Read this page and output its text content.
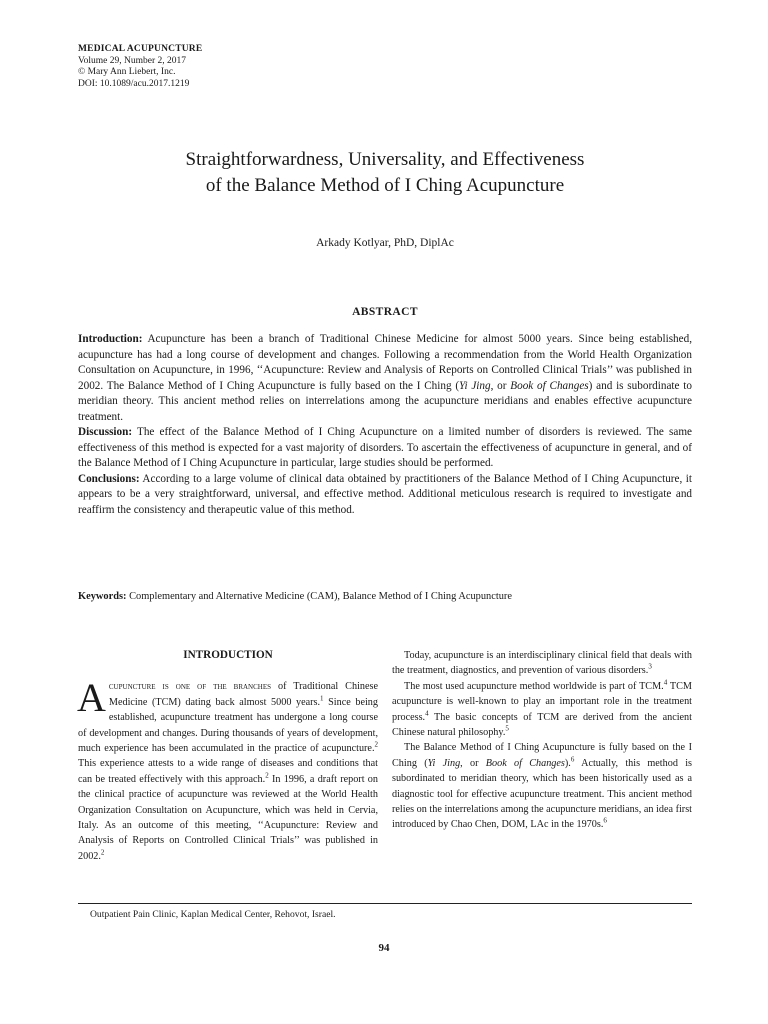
MEDICAL ACUPUNCTURE
Volume 29, Number 2, 2017
© Mary Ann Liebert, Inc.
DOI: 10.1089/acu.2017.1219
Straightforwardness, Universality, and Effectiveness
of the Balance Method of I Ching Acupuncture
Arkady Kotlyar, PhD, DiplAc
ABSTRACT

Introduction: Acupuncture has been a branch of Traditional Chinese Medicine for almost 5000 years. Since being established, acupuncture has had a long course of development and changes. Following a recommendation from the World Health Organization Consultation on Acupuncture, in 1996, ‘‘Acupuncture: Review and Analysis of Reports on Controlled Clinical Trials’’ was published in 2002. The Balance Method of I Ching Acupuncture is fully based on the I Ching (Yi Jing, or Book of Changes) and is subordinate to meridian theory. This ancient method relies on interrelations among the acupuncture meridians and enables effective acupuncture treatment.

Discussion: The effect of the Balance Method of I Ching Acupuncture on a limited number of disorders is reviewed. The same effectiveness of this method is expected for a vast majority of disorders. To ascertain the effectiveness of acupuncture in general, and of the Balance Method of I Ching Acupuncture in particular, large studies should be performed.

Conclusions: According to a large volume of clinical data obtained by practitioners of the Balance Method of I Ching Acupuncture, it appears to be a very straightforward, universal, and effective method. Additional meticulous research is required to investigate and reaffirm the consistency and therapeutic value of this method.

Keywords: Complementary and Alternative Medicine (CAM), Balance Method of I Ching Acupuncture
INTRODUCTION

Acupuncture is one of the branches of Traditional Chinese Medicine (TCM) dating back almost 5000 years.$^1$ Since being established, acupuncture treatment has undergone a long course of development and changes. During thousands of years of development, much experience has been accumulated in the practice of acupuncture.$^2$ This experience attests to a wide range of diseases and conditions that can be treated effectively with this approach.$^2$ In 1996, a draft report on the clinical practice of acupuncture was reviewed at the World Health Organization Consultation on Acupuncture, which was held in Cervia, Italy. As an outcome of this meeting, ‘‘Acupuncture: Review and Analysis of Reports on Controlled Clinical Trials’’ was published in 2002.$^2$

Today, acupuncture is an interdisciplinary clinical field that deals with the treatment, diagnostics, and prevention of various disorders.$^3$

The most used acupuncture method worldwide is part of TCM.$^4$ TCM acupuncture is well-known to play an important role in the treatment process.$^4$ The basic concepts of TCM are derived from the ancient Chinese natural philosophy.$^5$

The Balance Method of I Ching Acupuncture is fully based on the I Ching (Yi Jing, or Book of Changes).$^6$ Actually, this method is subordinated to meridian theory, which has been historically used as a diagnostic tool for effective acupuncture treatment. This ancient method relies on the interrelations among the acupuncture meridians, an idea first introduced by Chao Chen, DOM, LAc in the 1970s.$^6$

Outpatient Pain Clinic, Kaplan Medical Center, Rehovot, Israel.
94
